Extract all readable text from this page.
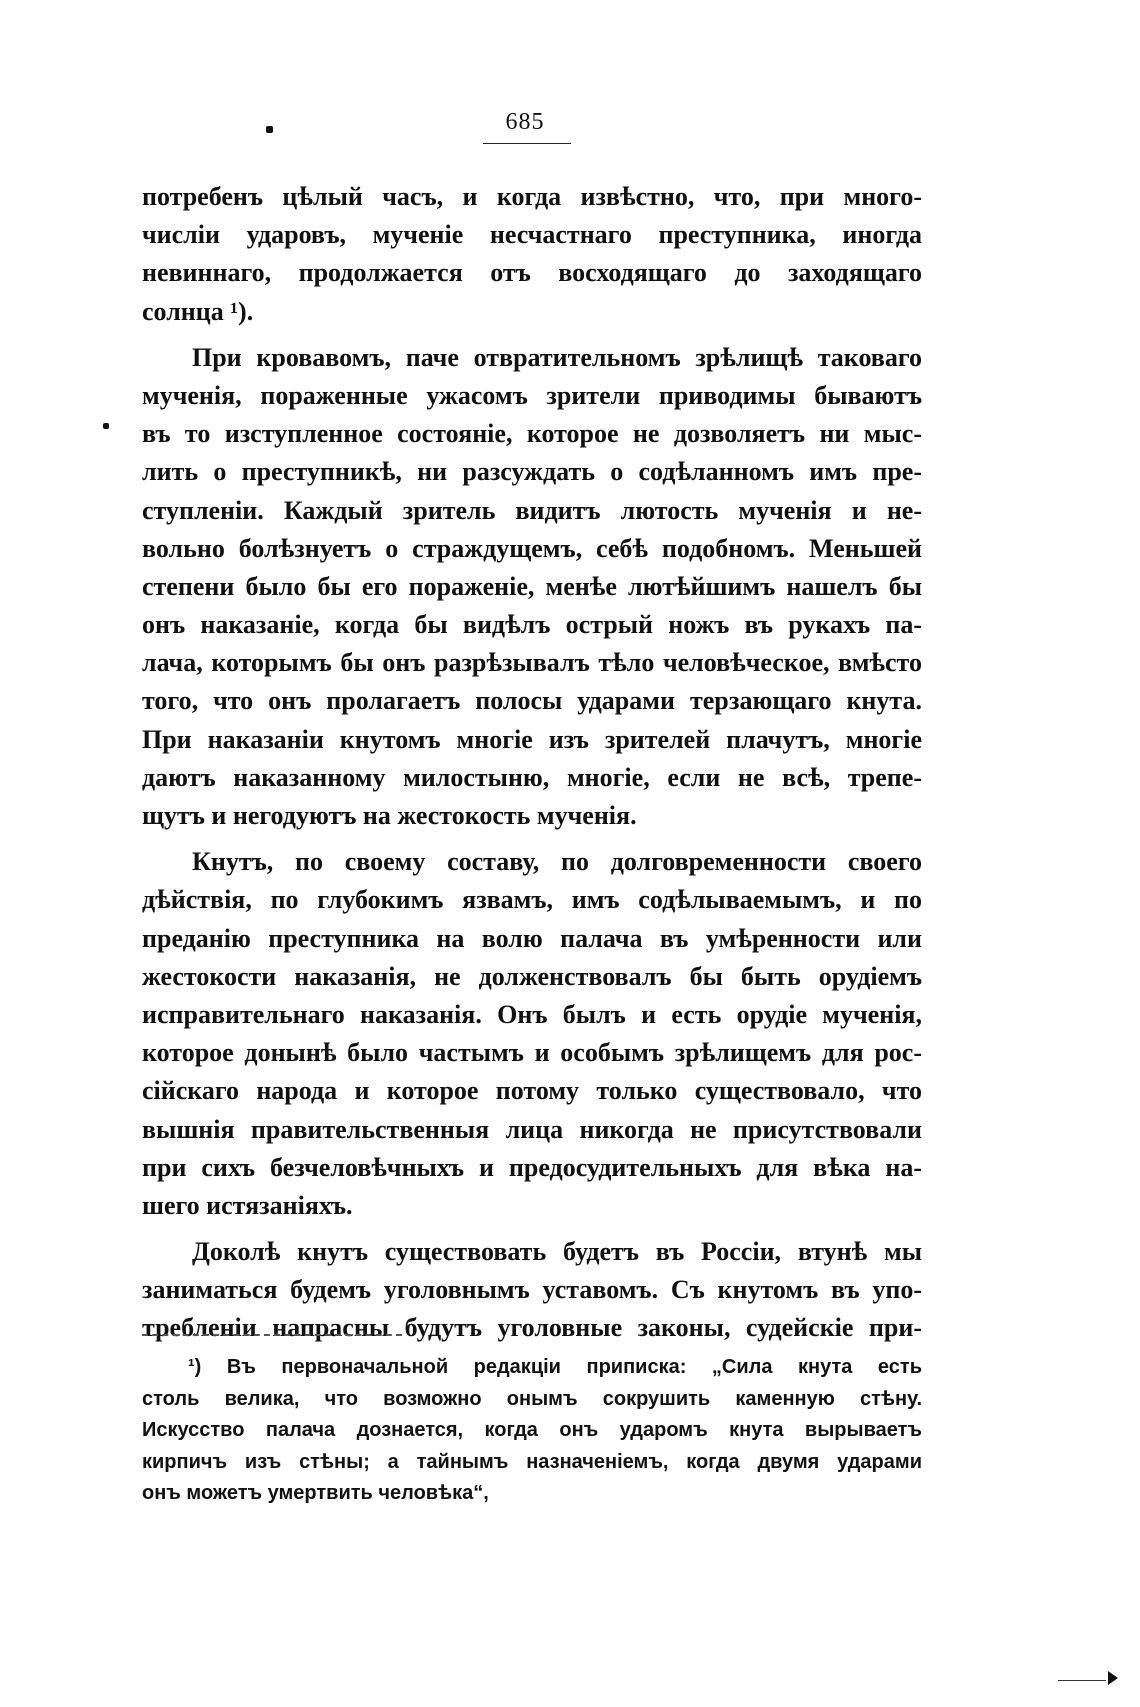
685
потребенъ цѣлый часъ, и когда извѣстно, что, при много-
числіи ударовъ, мученіе несчастнаго преступника, иногда
невиннаго, продолжается отъ восходящаго до заходящаго
солнца ¹).
При кровавомъ, паче отвратительномъ зрѣлищѣ таковаго
мученія, пораженные ужасомъ зрители приводимы бываютъ
въ то изступленное состояніе, которое не дозволяетъ ни мыс-
лить о преступникѣ, ни разсуждать о содѣланномъ имъ пре-
ступленіи. Каждый зритель видитъ лютость мученія и не-
вольно болѣзнуетъ о страждущемъ, себѣ подобномъ. Меньшей
степени было бы его пораженіе, менѣе лютѣйшимъ нашелъ бы
онъ наказаніе, когда бы видѣлъ острый ножъ въ рукахъ па-
лача, которымъ бы онъ разрѣзывалъ тѣло человѣческое, вмѣсто
того, что онъ пролагаетъ полосы ударами терзающаго кнута.
При наказаніи кнутомъ многіе изъ зрителей плачутъ, многіе
даютъ наказанному милостыню, многіе, если не всѣ, трепе-
щутъ и негодуютъ на жестокость мученія.
Кнутъ, по своему составу, по долговременности своего
дѣйствія, по глубокимъ язвамъ, имъ содѣлываемымъ, и по
преданію преступника на волю палача въ умѣренности или
жестокости наказанія, не долженствовалъ бы быть орудіемъ
исправительнаго наказанія. Онъ былъ и есть орудіе мученія,
которое донынѣ было частымъ и особымъ зрѣлищемъ для рос-
сійскаго народа и которое потому только существовало, что
вышнія правительственныя лица никогда не присутствовали
при сихъ безчеловѣчныхъ и предосудительныхъ для вѣка на-
шего истязаніяхъ.
Доколѣ кнутъ существовать будетъ въ Россіи, втунѣ мы
заниматься будемъ уголовнымъ уставомъ. Съ кнутомъ въ упо-
требленіи напрасны будутъ уголовные законы, судейскіе при-
¹) Въ первоначальной редакціи приписка: „Сила кнута есть
столь велика, что возможно онымъ сокрушить каменную стѣну.
Искусство палача дознается, когда онъ ударомъ кнута вырываетъ
кирпичъ изъ стѣны; а тайнымъ назначеніемъ, когда двумя ударами
онъ можетъ умертвить человѣка“,
